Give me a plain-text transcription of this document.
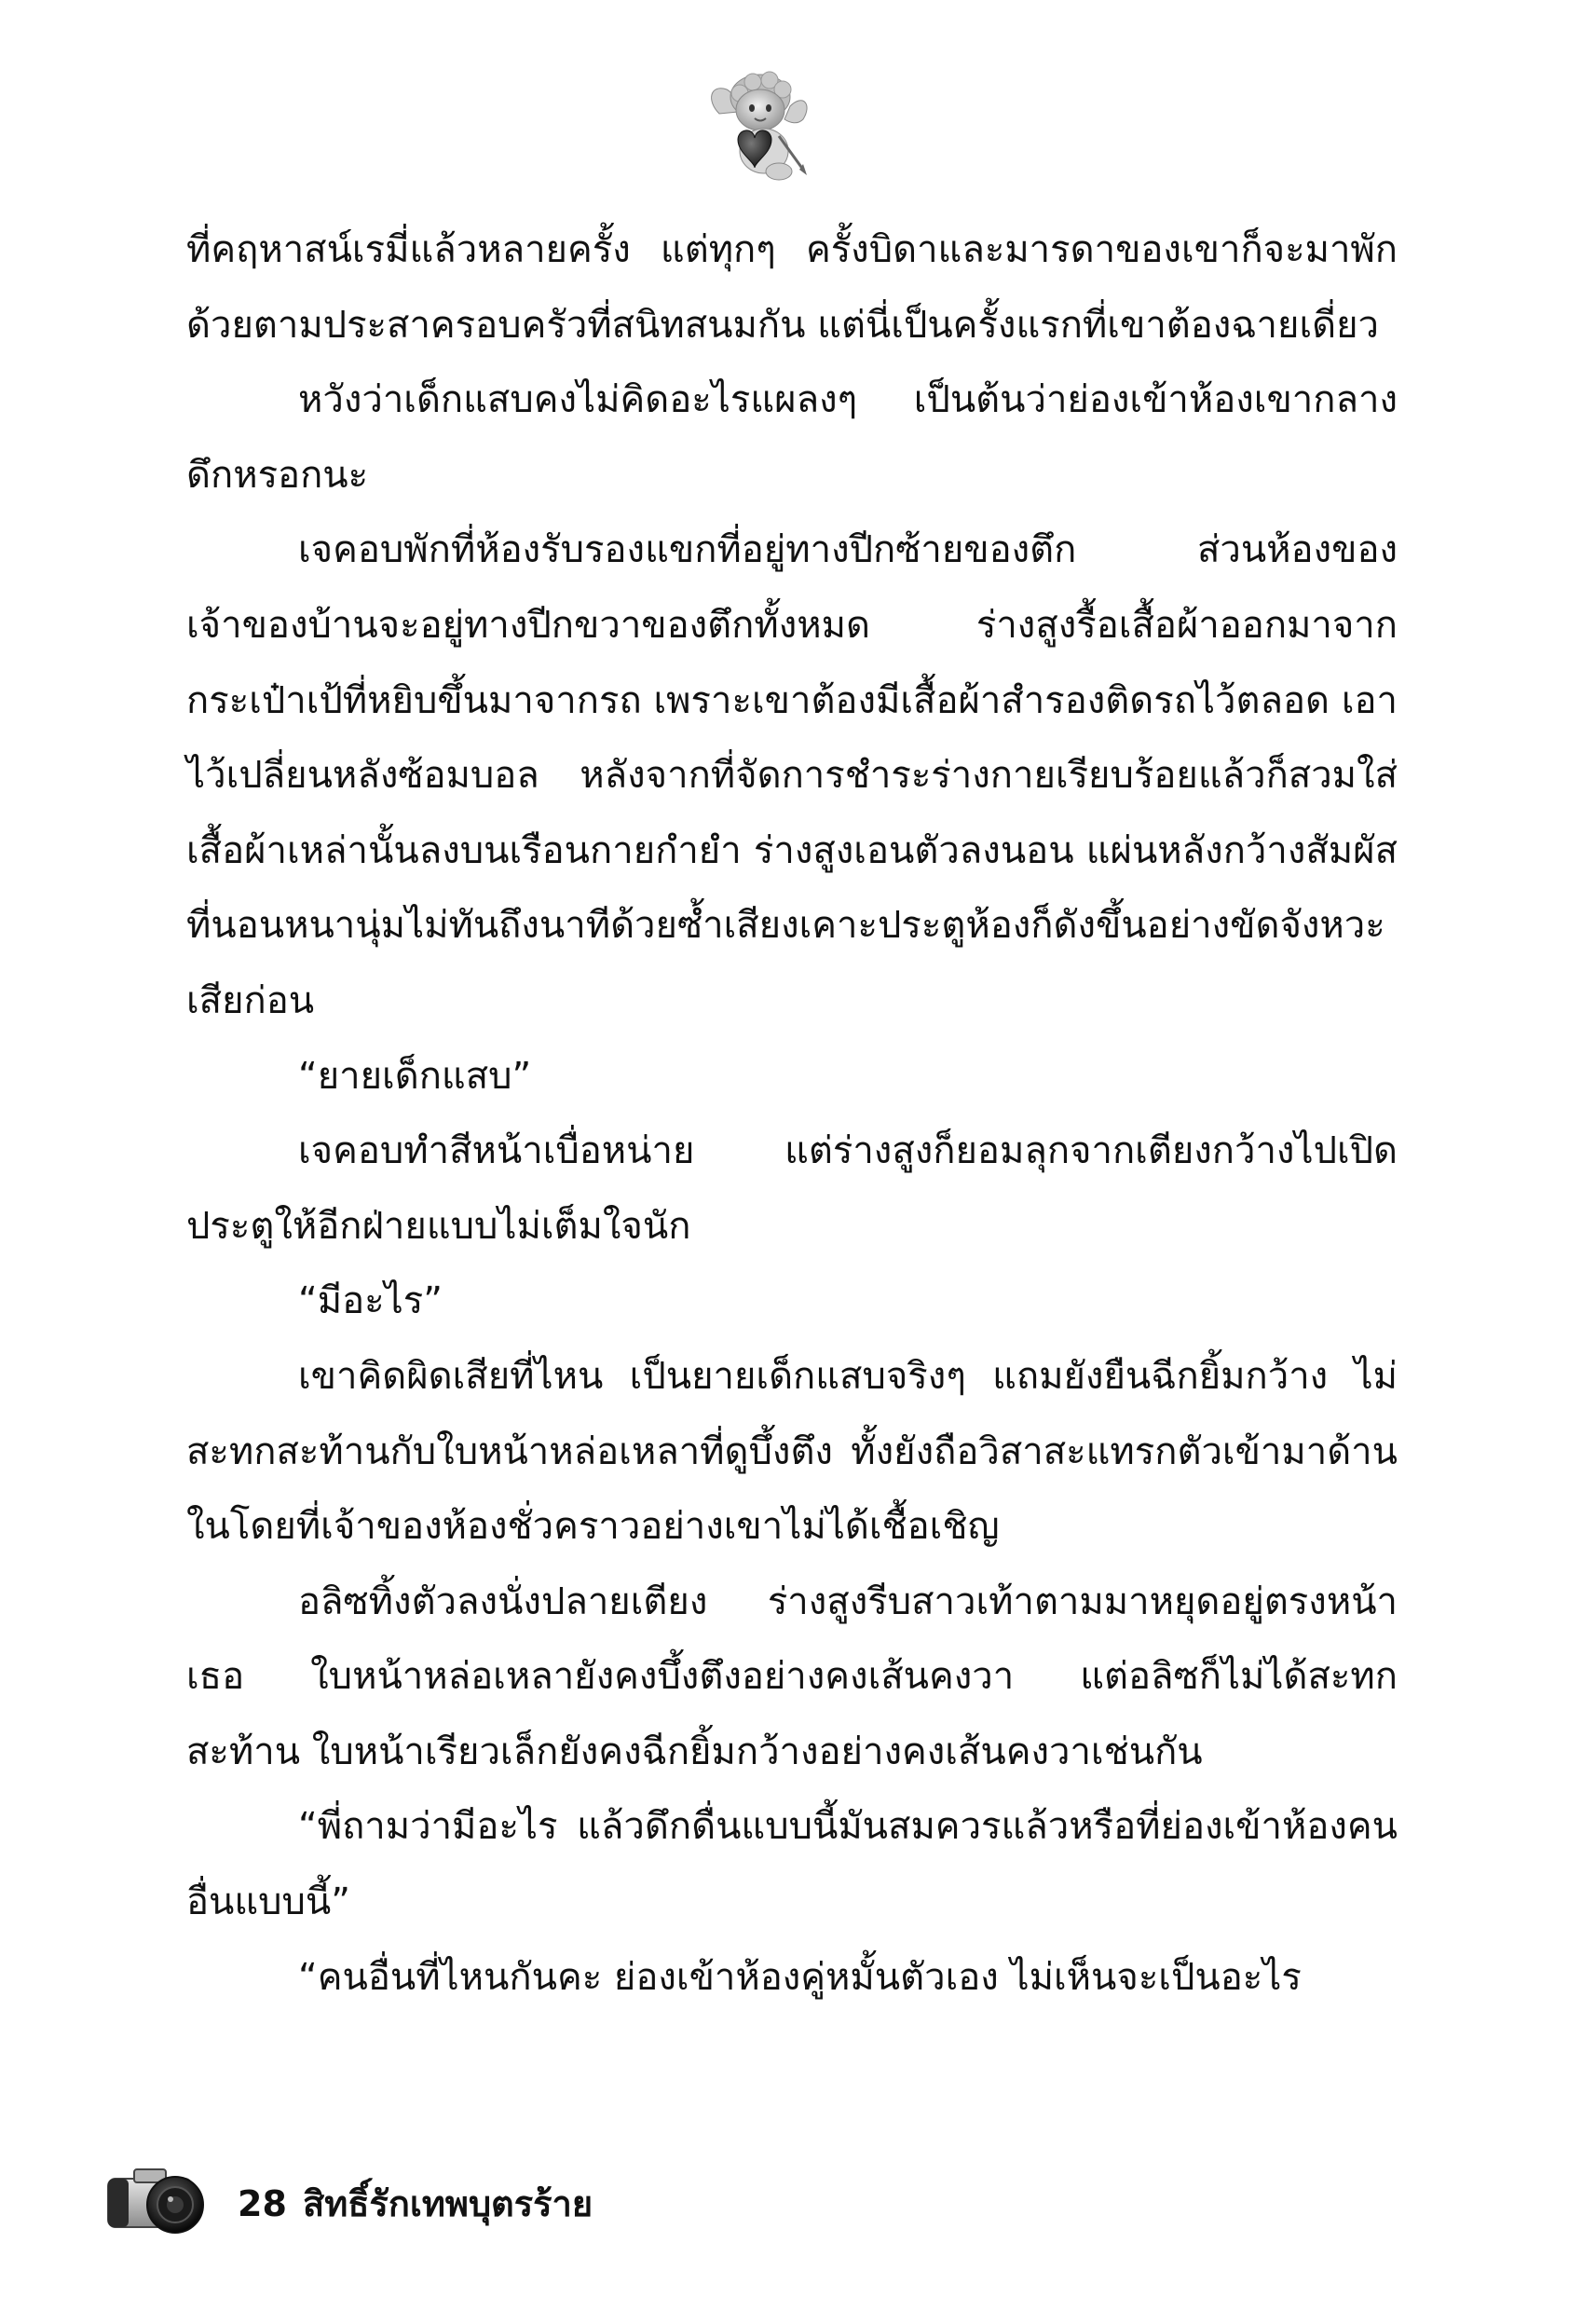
ที่คฤหาสน์เรมี่แล้วหลายครั้ง แต่ทุกๆ ครั้งบิดาและมารดาของเขาก็จะมาพักด้วยตามประสาครอบครัวที่สนิทสนมกัน แต่นี่เป็นครั้งแรกที่เขาต้องฉายเดี่ยว

หวังว่าเด็กแสบคงไม่คิดอะไรแผลงๆ เป็นต้นว่าย่องเข้าห้องเขากลางดึกหรอกนะ

เจคอบพักที่ห้องรับรองแขกที่อยู่ทางปีกซ้ายของตึก ส่วนห้องของเจ้าของบ้านจะอยู่ทางปีกขวาของตึกทั้งหมด ร่างสูงรื้อเสื้อผ้าออกมาจากกระเป๋าเป้ที่หยิบขึ้นมาจากรถ เพราะเขาต้องมีเสื้อผ้าสำรองติดรถไว้ตลอด เอาไว้เปลี่ยนหลังซ้อมบอล หลังจากที่จัดการชำระร่างกายเรียบร้อยแล้วก็สวมใส่เสื้อผ้าเหล่านั้นลงบนเรือนกายกำยำ ร่างสูงเอนตัวลงนอน แผ่นหลังกว้างสัมผัสที่นอนหนานุ่มไม่ทันถึงนาทีด้วยซ้ำเสียงเคาะประตูห้องก็ดังขึ้นอย่างขัดจังหวะเสียก่อน

“ยายเด็กแสบ”

เจคอบทำสีหน้าเบื่อหน่าย แต่ร่างสูงก็ยอมลุกจากเตียงกว้างไปเปิดประตูให้อีกฝ่ายแบบไม่เต็มใจนัก

“มีอะไร”

เขาคิดผิดเสียที่ไหน เป็นยายเด็กแสบจริงๆ แถมยังยืนฉีกยิ้มกว้าง ไม่สะทกสะท้านกับใบหน้าหล่อเหลาที่ดูบึ้งตึง ทั้งยังถือวิสาสะแทรกตัวเข้ามาด้านในโดยที่เจ้าของห้องชั่วคราวอย่างเขาไม่ได้เชื้อเชิญ

อลิซทิ้งตัวลงนั่งปลายเตียง ร่างสูงรีบสาวเท้าตามมาหยุดอยู่ตรงหน้าเธอ ใบหน้าหล่อเหลายังคงบึ้งตึงอย่างคงเส้นคงวา แต่อลิซก็ไม่ได้สะทกสะท้าน ใบหน้าเรียวเล็กยังคงฉีกยิ้มกว้างอย่างคงเส้นคงวาเช่นกัน

“พี่ถามว่ามีอะไร แล้วดึกดื่นแบบนี้มันสมควรแล้วหรือที่ย่องเข้าห้องคนอื่นแบบนี้”

“คนอื่นที่ไหนกันคะ ย่องเข้าห้องคู่หมั้นตัวเอง ไม่เห็นจะเป็นอะไร

28 สิทธิ์รักเทพบุตรร้าย
